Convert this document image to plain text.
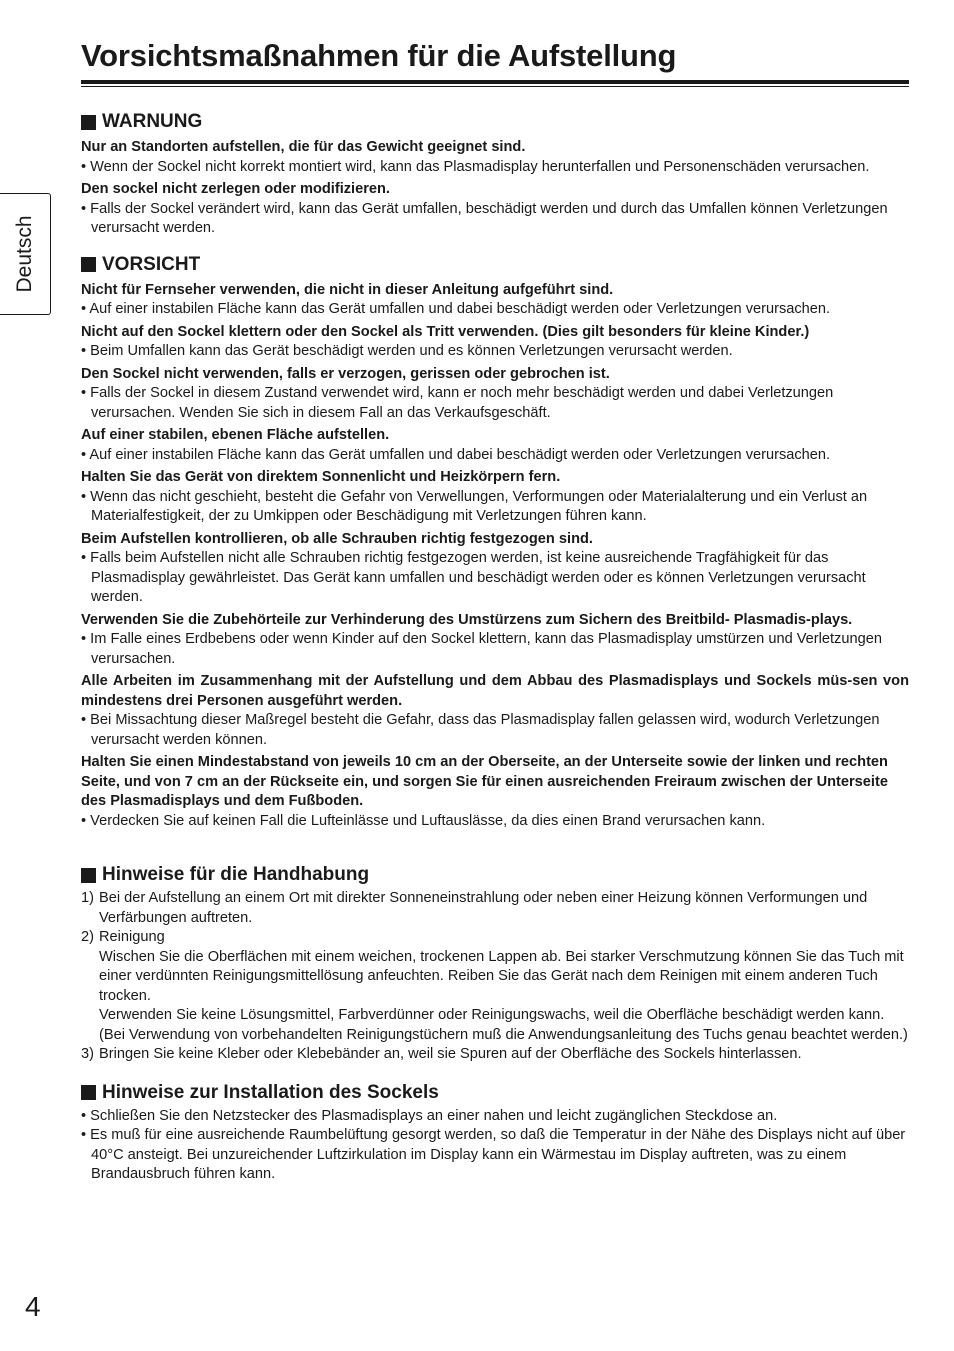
Vorsichtsmaßnahmen für die Aufstellung
Deutsch
WARNUNG
Nur an Standorten aufstellen, die für das Gewicht geeignet sind.
• Wenn der Sockel nicht korrekt montiert wird, kann das Plasmadisplay herunterfallen und Personenschäden verursachen.
Den sockel nicht zerlegen oder modifizieren.
• Falls der Sockel verändert wird, kann das Gerät umfallen, beschädigt werden und durch das Umfallen können Verletzungen verursacht werden.
VORSICHT
Nicht für Fernseher verwenden, die nicht in dieser Anleitung aufgeführt sind.
• Auf einer instabilen Fläche kann das Gerät umfallen und dabei beschädigt werden oder Verletzungen verursachen.
Nicht auf den Sockel klettern oder den Sockel als Tritt verwenden. (Dies gilt besonders für kleine Kinder.)
• Beim Umfallen kann das Gerät beschädigt werden und es können Verletzungen verursacht werden.
Den Sockel nicht verwenden, falls er verzogen, gerissen oder gebrochen ist.
• Falls der Sockel in diesem Zustand verwendet wird, kann er noch mehr beschädigt werden und dabei Verletzungen verursachen. Wenden Sie sich in diesem Fall an das Verkaufsgeschäft.
Auf einer stabilen, ebenen Fläche aufstellen.
• Auf einer instabilen Fläche kann das Gerät umfallen und dabei beschädigt werden oder Verletzungen verursachen.
Halten Sie das Gerät von direktem Sonnenlicht und Heizkörpern fern.
• Wenn das nicht geschieht, besteht die Gefahr von Verwellungen, Verformungen oder Materialalterung und ein Verlust an Materialfestigkeit, der zu Umkippen oder Beschädigung mit Verletzungen führen kann.
Beim Aufstellen kontrollieren, ob alle Schrauben richtig festgezogen sind.
• Falls beim Aufstellen nicht alle Schrauben richtig festgezogen werden, ist keine ausreichende Tragfähigkeit für das Plasmadisplay gewährleistet. Das Gerät kann umfallen und beschädigt werden oder es können Verletzungen verursacht werden.
Verwenden Sie die Zubehörteile zur Verhinderung des Umstürzens zum Sichern des Breitbild- Plasmadis-plays.
• Im Falle eines Erdbebens oder wenn Kinder auf den Sockel klettern, kann das Plasmadisplay umstürzen und Verletzungen verursachen.
Alle Arbeiten im Zusammenhang mit der Aufstellung und dem Abbau des Plasmadisplays und Sockels müs-sen von mindestens drei Personen ausgeführt werden.
• Bei Missachtung dieser Maßregel besteht die Gefahr, dass das Plasmadisplay fallen gelassen wird, wodurch Verletzungen verursacht werden können.
Halten Sie einen Mindestabstand von jeweils 10 cm an der Oberseite, an der Unterseite sowie der linken und rechten Seite, und von 7 cm an der Rückseite ein, und sorgen Sie für einen ausreichenden Freiraum zwischen der Unterseite des Plasmadisplays und dem Fußboden.
• Verdecken Sie auf keinen Fall die Lufteinlässe und Luftauslässe, da dies einen Brand verursachen kann.
Hinweise für die Handhabung
1) Bei der Aufstellung an einem Ort mit direkter Sonneneinstrahlung oder neben einer Heizung können Verformungen und Verfärbungen auftreten.

2) Reinigung

Wischen Sie die Oberflächen mit einem weichen, trockenen Lappen ab. Bei starker Verschmutzung können Sie das Tuch mit einer verdünnten Reinigungsmittellösung anfeuchten. Reiben Sie das Gerät nach dem Reinigen mit einem anderen Tuch trocken.

Verwenden Sie keine Lösungsmittel, Farbverdünner oder Reinigungswachs, weil die Oberfläche beschädigt werden kann.

(Bei Verwendung von vorbehandelten Reinigungstüchern muß die Anwendungsanleitung des Tuchs genau beachtet werden.)

3) Bringen Sie keine Kleber oder Klebebänder an, weil sie Spuren auf der Oberfläche des Sockels hinterlassen.

Hinweise zur Installation des Sockels
• Schließen Sie den Netzstecker des Plasmadisplays an einer nahen und leicht zugänglichen Steckdose an.
• Es muß für eine ausreichende Raumbelüftung gesorgt werden, so daß die Temperatur in der Nähe des Displays nicht auf über 40°C ansteigt. Bei unzureichender Luftzirkulation im Display kann ein Wärmestau im Display auftreten, was zu einem Brandausbruch führen kann.
4
